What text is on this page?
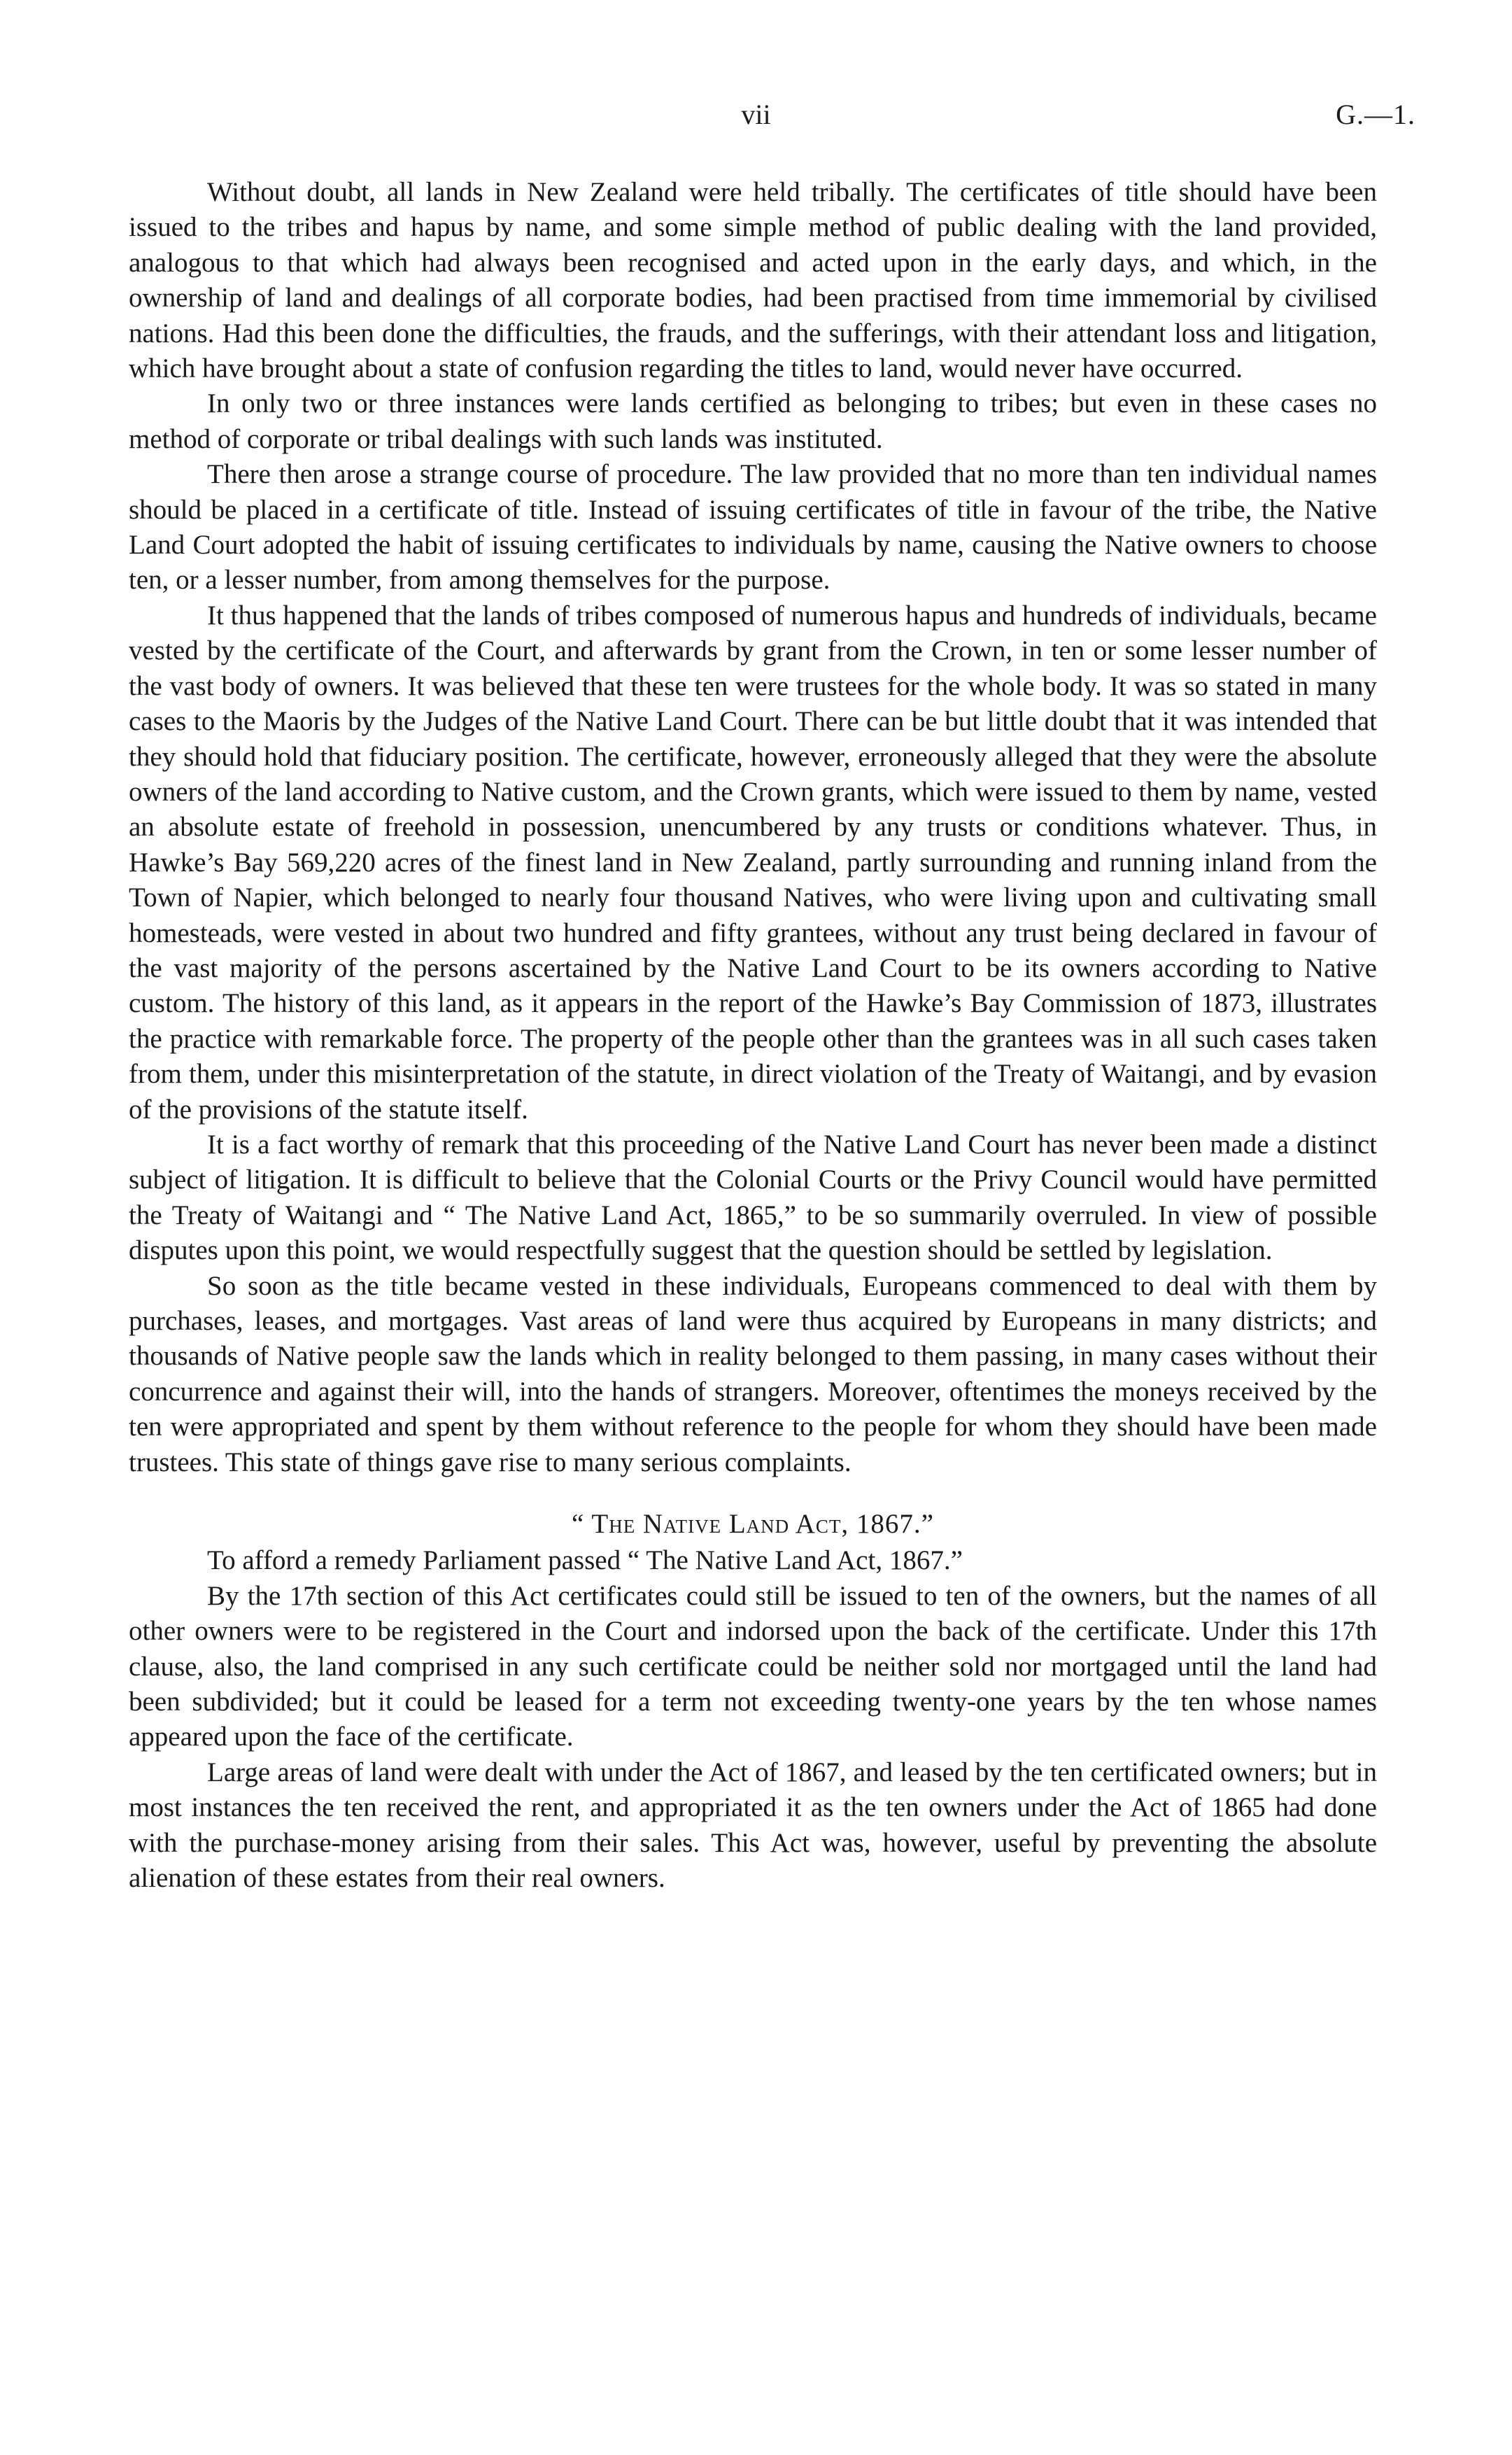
vii	G.—1.

Without doubt, all lands in New Zealand were held tribally. The certificates of title should have been issued to the tribes and hapus by name, and some simple method of public dealing with the land provided, analogous to that which had always been recognised and acted upon in the early days, and which, in the ownership of land and dealings of all corporate bodies, had been practised from time immemorial by civilised nations. Had this been done the difficulties, the frauds, and the sufferings, with their attendant loss and litigation, which have brought about a state of confusion regarding the titles to land, would never have occurred.

In only two or three instances were lands certified as belonging to tribes; but even in these cases no method of corporate or tribal dealings with such lands was instituted.

There then arose a strange course of procedure. The law provided that no more than ten individual names should be placed in a certificate of title. Instead of issuing certificates of title in favour of the tribe, the Native Land Court adopted the habit of issuing certificates to individuals by name, causing the Native owners to choose ten, or a lesser number, from among themselves for the purpose.

It thus happened that the lands of tribes composed of numerous hapus and hundreds of individuals, became vested by the certificate of the Court, and afterwards by grant from the Crown, in ten or some lesser number of the vast body of owners. It was believed that these ten were trustees for the whole body. It was so stated in many cases to the Maoris by the Judges of the Native Land Court. There can be but little doubt that it was intended that they should hold that fiduciary position. The certificate, however, erroneously alleged that they were the absolute owners of the land according to Native custom, and the Crown grants, which were issued to them by name, vested an absolute estate of freehold in possession, unencumbered by any trusts or conditions whatever. Thus, in Hawke’s Bay 569,220 acres of the finest land in New Zealand, partly surrounding and running inland from the Town of Napier, which belonged to nearly four thousand Natives, who were living upon and cultivating small homesteads, were vested in about two hundred and fifty grantees, without any trust being declared in favour of the vast majority of the persons ascertained by the Native Land Court to be its owners according to Native custom. The history of this land, as it appears in the report of the Hawke’s Bay Commission of 1873, illustrates the practice with remarkable force. The property of the people other than the grantees was in all such cases taken from them, under this misinterpretation of the statute, in direct violation of the Treaty of Waitangi, and by evasion of the provisions of the statute itself.

It is a fact worthy of remark that this proceeding of the Native Land Court has never been made a distinct subject of litigation. It is difficult to believe that the Colonial Courts or the Privy Council would have permitted the Treaty of Waitangi and “ The Native Land Act, 1865,” to be so summarily overruled. In view of possible disputes upon this point, we would respectfully suggest that the question should be settled by legislation.

So soon as the title became vested in these individuals, Europeans commenced to deal with them by purchases, leases, and mortgages. Vast areas of land were thus acquired by Europeans in many districts; and thousands of Native people saw the lands which in reality belonged to them passing, in many cases without their concurrence and against their will, into the hands of strangers. Moreover, oftentimes the moneys received by the ten were appropriated and spent by them without reference to the people for whom they should have been made trustees. This state of things gave rise to many serious complaints.

“ The Native Land Act, 1867.”

To afford a remedy Parliament passed “ The Native Land Act, 1867.”

By the 17th section of this Act certificates could still be issued to ten of the owners, but the names of all other owners were to be registered in the Court and indorsed upon the back of the certificate. Under this 17th clause, also, the land comprised in any such certificate could be neither sold nor mortgaged until the land had been subdivided; but it could be leased for a term not exceeding twenty-one years by the ten whose names appeared upon the face of the certificate.

Large areas of land were dealt with under the Act of 1867, and leased by the ten certificated owners; but in most instances the ten received the rent, and appropriated it as the ten owners under the Act of 1865 had done with the purchase-money arising from their sales. This Act was, however, useful by preventing the absolute alienation of these estates from their real owners.
